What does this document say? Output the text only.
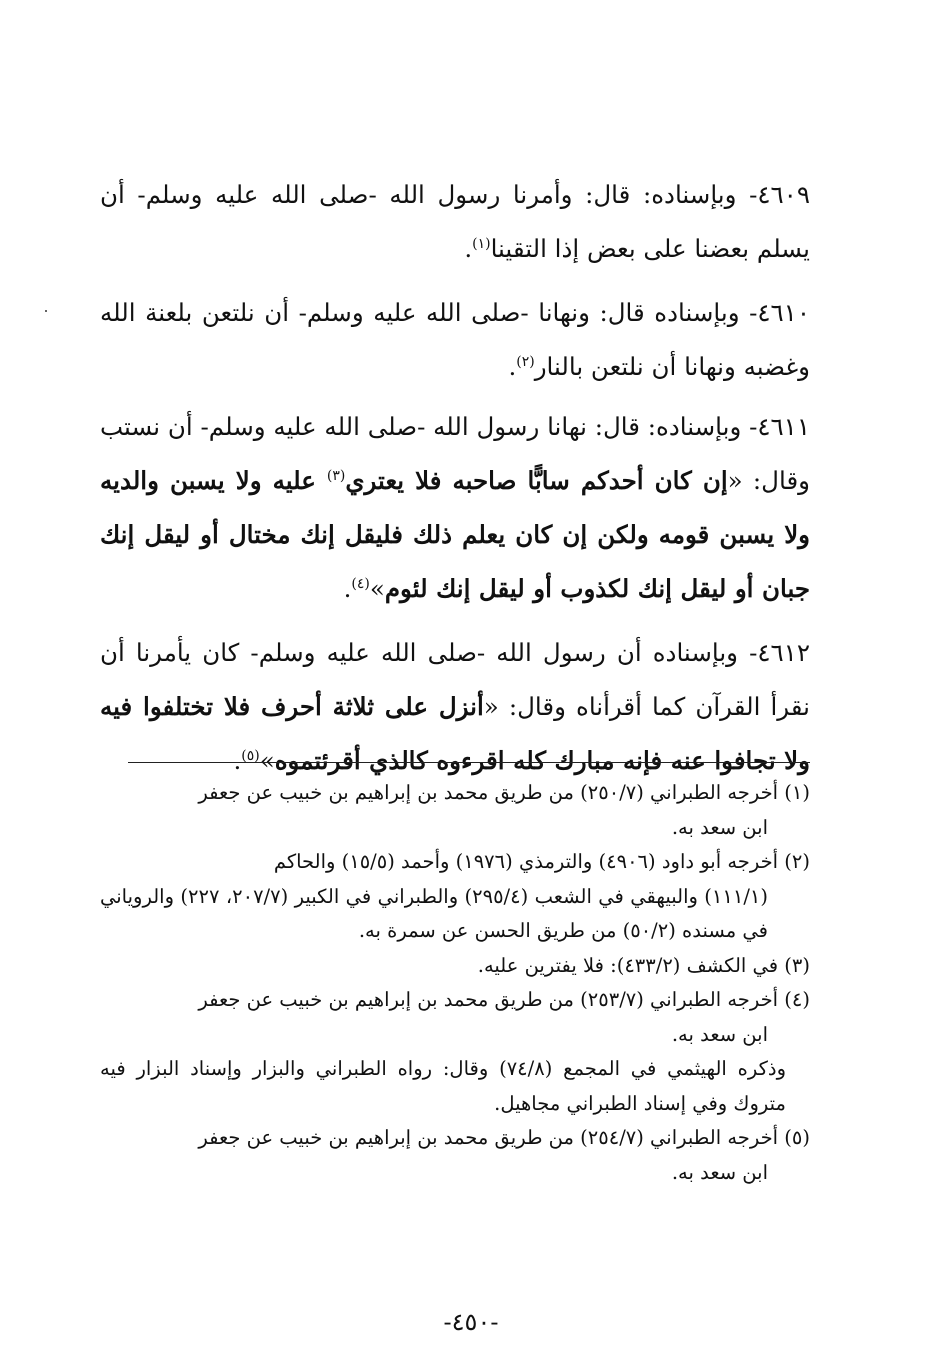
٤٦٠٩- وبإسناده: قال: وأمرنا رسول الله -صلى الله عليه وسلم- أن يسلم بعضنا على بعض إذا التقينا$^{(١)}$.

٤٦١٠- وبإسناده قال: ونهانا -صلى الله عليه وسلم- أن نلتعن بلعنة الله وغضبه ونهانا أن نلتعن بالنار$^{(٢)}$.

٤٦١١- وبإسناده: قال: نهانا رسول الله -صلى الله عليه وسلم- أن نستب وقال: «إن كان أحدكم سابًّا صاحبه فلا يعتري$^{(٣)}$ عليه ولا يسبن والديه ولا يسبن قومه ولكن إن كان يعلم ذلك فليقل إنك مختال أو ليقل إنك جبان أو ليقل إنك لكذوب أو ليقل إنك لئوم»$^{(٤)}$.

٤٦١٢- وبإسناده أن رسول الله -صلى الله عليه وسلم- كان يأمرنا أن نقرأ القرآن كما أقرأناه وقال: «أنزل على ثلاثة أحرف فلا تختلفوا فيه ولا تجافوا عنه فإنه مبارك كله اقرءوه كالذي أقرئتموه»$^{(٥)}$.

(١) أخرجه الطبراني (٢٥٠/٧) من طريق محمد بن إبراهيم بن خبيب عن جعفر

ابن سعد به.

(٢) أخرجه أبو داود (٤٩٠٦) والترمذي (١٩٧٦) وأحمد (١٥/٥) والحاكم

(١١١/١) والبيهقي في الشعب (٢٩٥/٤) والطبراني في الكبير (٢٠٧/٧، ٢٢٧) والروياني في مسنده (٥٠/٢) من طريق الحسن عن سمرة به.

(٣) في الكشف (٤٣٣/٢): فلا يفترين عليه.

(٤) أخرجه الطبراني (٢٥٣/٧) من طريق محمد بن إبراهيم بن خبيب عن جعفر

ابن سعد به.

وذكره الهيثمي في المجمع (٧٤/٨) وقال: رواه الطبراني والبزار وإسناد البزار فيه متروك وفي إسناد الطبراني مجاهيل.

(٥) أخرجه الطبراني (٢٥٤/٧) من طريق محمد بن إبراهيم بن خبيب عن جعفر

ابن سعد به.

-٤٥٠-
